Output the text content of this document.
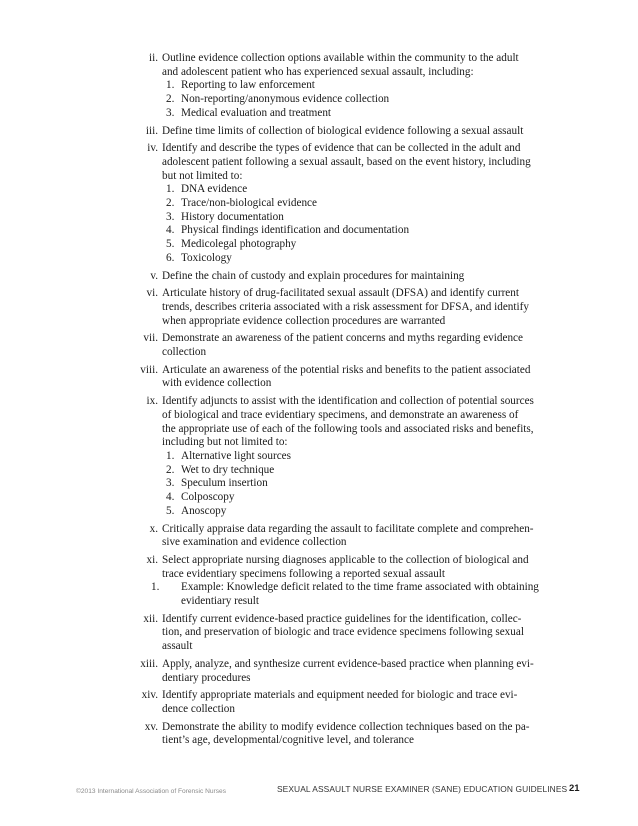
ii. Outline evidence collection options available within the community to the adult
and adolescent patient who has experienced sexual assault, including:
1. Reporting to law enforcement
2. Non-reporting/anonymous evidence collection
3. Medical evaluation and treatment
iii. Define time limits of collection of biological evidence following a sexual assault
iv. Identify and describe the types of evidence that can be collected in the adult and
adolescent patient following a sexual assault, based on the event history, including
but not limited to:
1. DNA evidence
2. Trace/non-biological evidence
3. History documentation
4. Physical findings identification and documentation
5. Medicolegal photography
6. Toxicology
v. Define the chain of custody and explain procedures for maintaining
vi. Articulate history of drug-facilitated sexual assault (DFSA) and identify current
trends, describes criteria associated with a risk assessment for DFSA, and identify
when appropriate evidence collection procedures are warranted
vii. Demonstrate an awareness of the patient concerns and myths regarding evidence
collection
viii. Articulate an awareness of the potential risks and benefits to the patient associated
with evidence collection
ix. Identify adjuncts to assist with the identification and collection of potential sources
of biological and trace evidentiary specimens, and demonstrate an awareness of
the appropriate use of each of the following tools and associated risks and benefits,
including but not limited to:
1. Alternative light sources
2. Wet to dry technique
3. Speculum insertion
4. Colposcopy
5. Anoscopy
x. Critically appraise data regarding the assault to facilitate complete and comprehen-
sive examination and evidence collection
xi. Select appropriate nursing diagnoses applicable to the collection of biological and
trace evidentiary specimens following a reported sexual assault
1. Example: Knowledge deficit related to the time frame associated with obtaining
evidentiary result
xii. Identify current evidence-based practice guidelines for the identification, collec-
tion, and preservation of biologic and trace evidence specimens following sexual
assault
xiii. Apply, analyze, and synthesize current evidence-based practice when planning evi-
dentiary procedures
xiv. Identify appropriate materials and equipment needed for biologic and trace evi-
dence collection
xv. Demonstrate the ability to modify evidence collection techniques based on the pa-
tient’s age, developmental/cognitive level, and tolerance
©2013 International Association of Forensic Nurses	SEXUAL ASSAULT NURSE EXAMINER (SANE) EDUCATION GUIDELINES 21
